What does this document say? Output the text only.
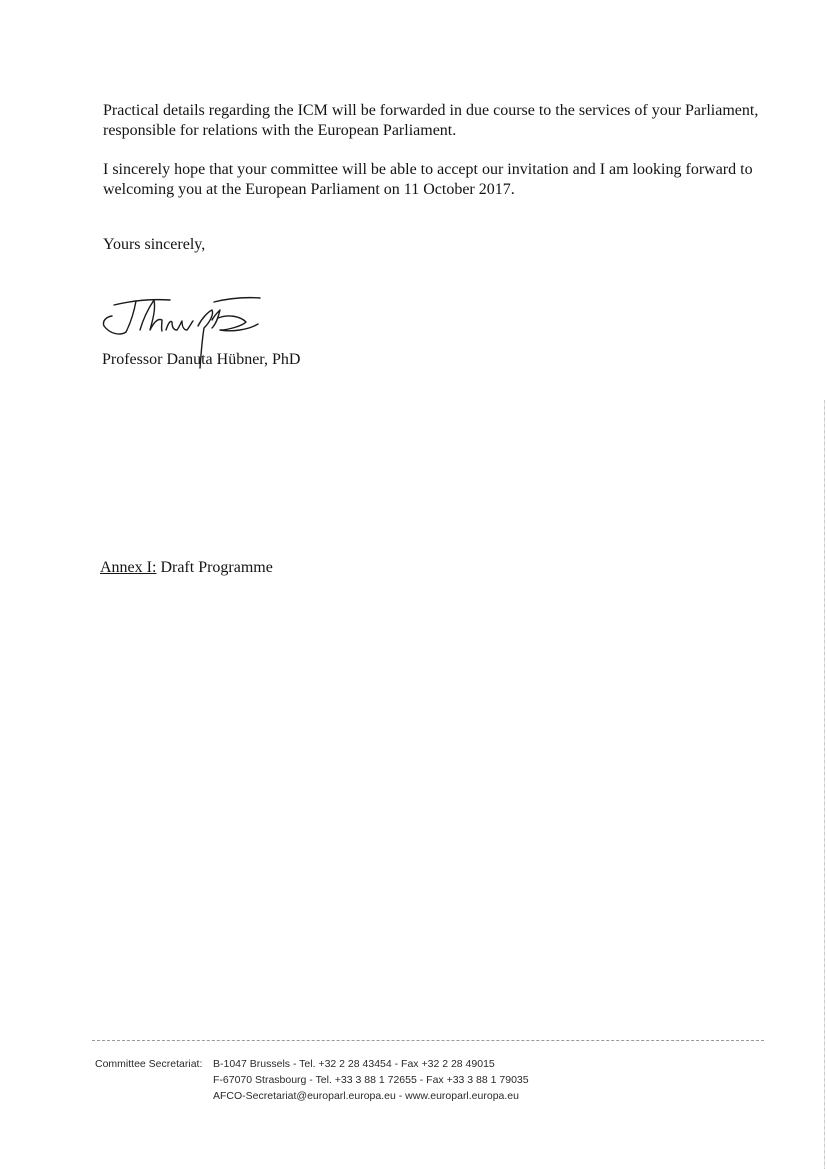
Practical details regarding the ICM will be forwarded in due course to the services of your Parliament, responsible for relations with the European Parliament.

I sincerely hope that your committee will be able to accept our invitation and I am looking forward to welcoming you at the European Parliament on 11 October 2017.

Yours sincerely,

Professor Danuta Hübner, PhD

Annex I: Draft Programme

Committee Secretariat: B-1047 Brussels - Tel. +32 2 28 43454 - Fax +32 2 28 49015
F-67070 Strasbourg - Tel. +33 3 88 1 72655 - Fax +33 3 88 1 79035
AFCO-Secretariat@europarl.europa.eu - www.europarl.europa.eu
